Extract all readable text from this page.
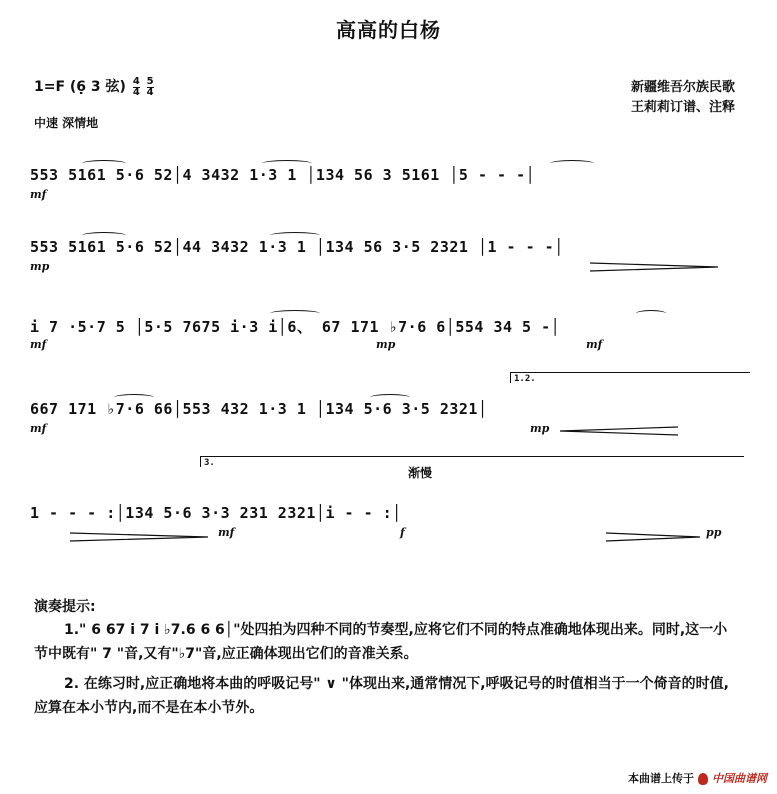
高高的白杨
1=F (6̣ 3 弦) $\frac{4}{4}$
$\frac{5}{4}$
中速 深情地
新疆维吾尔族民歌
王莉莉订谱、注释
553 5161 5·6 52│4 3432 1·3 1 │134 56 3 5161 │5 - - -│
mf
553 5161 5·6 52│44 3432 1·3 1 │134 56 3·5 2321 │1 - - -│
mp
i 7 ·5·7 5 │5·5 7675 i·3 i│6、 67 171 ♭7·6 6│554 34 5 -│
mf	mp	mf
667 171 ♭7·6 66│553 432 1·3 1 │134 5·6 3·5 2321│
mf	mp
1.2.
1 - - - :│134 5·6 3·3 231 2321│i - - :│
mf	f	pp
3.
渐慢
演奏提示:
1." 6 67 i 7 i ♭7.6 6 6│"处四拍为四种不同的节奏型,应将它们不同的特点准确地体现出来。同时,这一小节中既有" 7 "音,又有"♭7"音,应正确体现出它们的音准关系。
2. 在练习时,应正确地将本曲的呼吸记号" ∨ "体现出来,通常情况下,呼吸记号的时值相当于一个倚音的时值,应算在本小节内,而不是在本小节外。
本曲谱上传于 中国曲谱网
